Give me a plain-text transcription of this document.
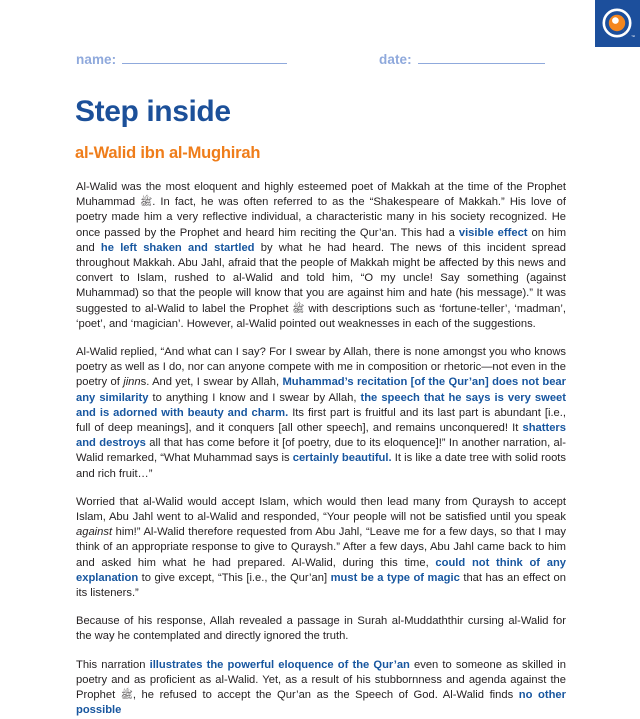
™
name:	date:
Step inside
al-Walid ibn al-Mughirah

Al-Walid was the most eloquent and highly esteemed poet of Makkah at the time of the Prophet Muhammad ﷺ. In fact, he was often referred to as the “Shakespeare of Makkah.” His love of poetry made him a very reflective individual, a characteristic many in his society recognized. He once passed by the Prophet and heard him reciting the Qur’an. This had a visible effect on him and he left shaken and startled by what he had heard. The news of this incident spread throughout Makkah. Abu Jahl, afraid that the people of Makkah might be affected by this news and convert to Islam, rushed to al-Walid and told him, “O my uncle! Say something (against Muhammad) so that the people will know that you are against him and hate (his message).” It was suggested to al-Walid to label the Prophet ﷺ with descriptions such as ‘fortune-teller’, ‘madman’, ‘poet’, and ‘magician’. However, al-Walid pointed out weaknesses in each of the suggestions.

Al-Walid replied, “And what can I say? For I swear by Allah, there is none amongst you who knows poetry as well as I do, nor can anyone compete with me in composition or rhetoric—not even in the poetry of jinns. And yet, I swear by Allah, Muhammad’s recitation [of the Qur’an] does not bear any similarity to anything I know and I swear by Allah, the speech that he says is very sweet and is adorned with beauty and charm. Its first part is fruitful and its last part is abundant [i.e., full of deep meanings], and it conquers [all other speech], and remains unconquered! It shatters and destroys all that has come before it [of poetry, due to its eloquence]!” In another narration, al-Walid remarked, “What Muhammad says is certainly beautiful. It is like a date tree with solid roots and rich fruit…”

Worried that al-Walid would accept Islam, which would then lead many from Quraysh to accept Islam, Abu Jahl went to al-Walid and responded, “Your people will not be satisfied until you speak against him!” Al-Walid therefore requested from Abu Jahl, “Leave me for a few days, so that I may think of an appropriate response to give to Quraysh.” After a few days, Abu Jahl came back to him and asked him what he had prepared. Al-Walid, during this time, could not think of any explanation to give except, “This [i.e., the Qur’an] must be a type of magic that has an effect on its listeners.”

Because of his response, Allah revealed a passage in Surah al-Muddaththir cursing al-Walid for the way he contemplated and directly ignored the truth.

This narration illustrates the powerful eloquence of the Qur’an even to someone as skilled in poetry and as proficient as al-Walid. Yet, as a result of his stubbornness and agenda against the Prophet ﷺ, he refused to accept the Qur’an as the Speech of God. Al-Walid finds no other possible
